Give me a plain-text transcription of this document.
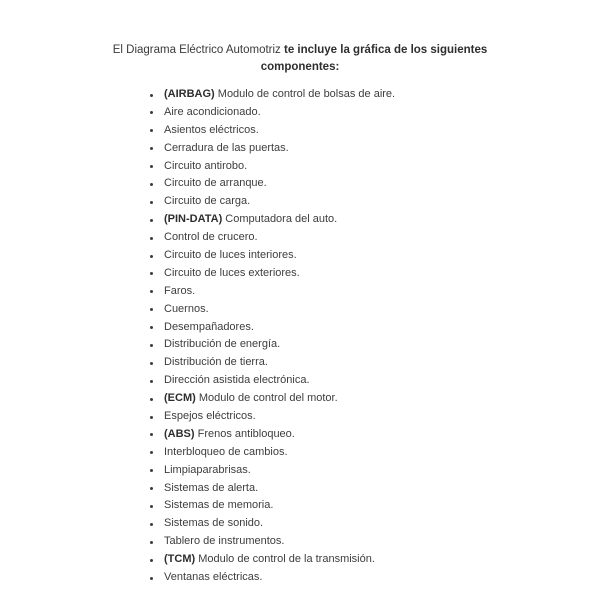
El Diagrama Eléctrico Automotriz te incluye la gráfica de los siguientes componentes:
(AIRBAG) Modulo de control de bolsas de aire.
Aire acondicionado.
Asientos eléctricos.
Cerradura de las puertas.
Circuito antirobo.
Circuito de arranque.
Circuito de carga.
(PIN-DATA) Computadora del auto.
Control de crucero.
Circuito de luces interiores.
Circuito de luces exteriores.
Faros.
Cuernos.
Desempañadores.
Distribución de energía.
Distribución de tierra.
Dirección asistida electrónica.
(ECM) Modulo de control del motor.
Espejos eléctricos.
(ABS) Frenos antibloqueo.
Interbloqueo de cambios.
Limpiaparabrisas.
Sistemas de alerta.
Sistemas de memoria.
Sistemas de sonido.
Tablero de instrumentos.
(TCM) Modulo de control de la transmisión.
Ventanas eléctricas.
